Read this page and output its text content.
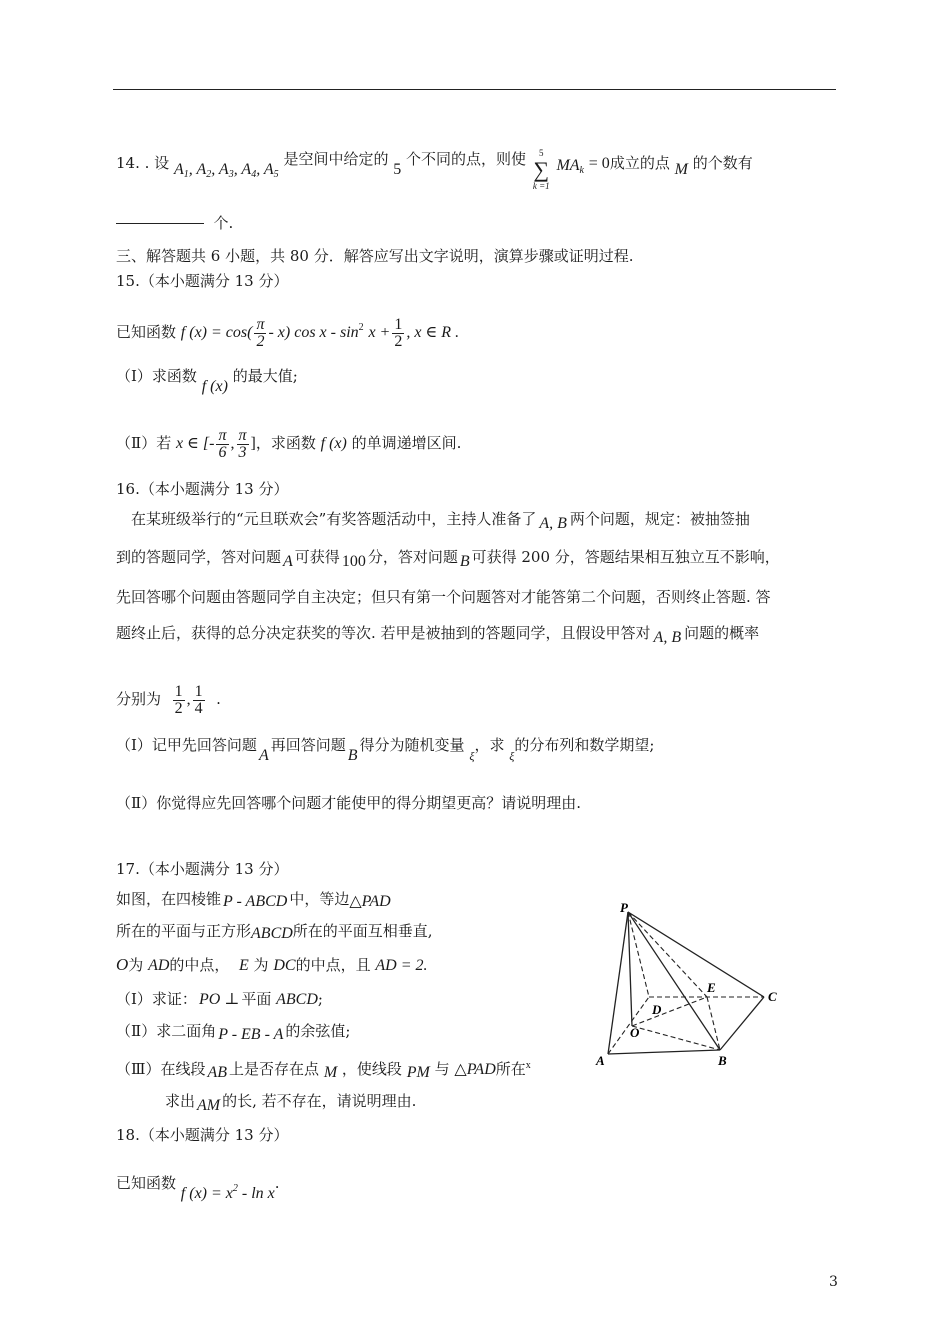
14. . 设 $A_1$, $A_2$, $A_3$, $A_4$, $A_5$ 是空间中给定的 5 个不同的点，则使 5
∑
k =1
$MA_k = 0$成立的点 M 的个数有
个.
三、解答题共 6 小题，共 80 分．解答应写出文字说明，演算步骤或证明过程.
15.（本小题满分 13 分）
已知函数 f $(x) = \cos( \frac{\pi}{2} - x)$ $\cos x - \sin^2 x + \frac{1}{2}$ , x ∈ R .
（Ⅰ）求函数 f (x) 的最大值;
（Ⅱ）若 x ∈ [- $\frac{\pi}{6}$ , $\frac{\pi}{3}$ ]，求函数 f (x) 的单调递增区间.
16.（本小题满分 13 分）
在某班级举行的“元旦联欢会”有奖答题活动中，主持人准备了 A, B 两个问题，规定：被抽签抽
到的答题同学，答对问题 A 可获得 100 分，答对问题 B 可获得 200 分，答题结果相互独立互不影响，
先回答哪个问题由答题同学自主决定；但只有第一个问题答对才能答第二个问题，否则终止答题. 答
题终止后，获得的总分决定获奖的等次. 若甲是被抽到的答题同学，且假设甲答对 A, B 问题的概率
分别为 $\frac{1}{2}$ , $\frac{1}{4}$ .
（Ⅰ）记甲先回答问题A再回答问题B得分为随机变量 $_\xi$，求 $_\xi$的分布列和数学期望;
（Ⅱ）你觉得应先回答哪个问题才能使甲的得分期望更高？请说明理由.
17.（本小题满分 13 分）
如图，在四棱锥 P - ABCD 中，等边△PAD
所在的平面与正方形ABCD所在的平面互相垂直,
O为 AD的中点， E 为 DC的中点，且 AD = 2.
（Ⅰ）求证： PO ⊥ 平面 ABCD;
（Ⅱ）求二面角 P - EB - A 的余弦值;
（Ⅲ）在线段 AB 上是否存在点 M ，使线段 PM 与 △PAD所在$^x$
求出 AM 的长, 若不存在，请说明理由.
P
A	B
C
D
E
O
18.（本小题满分 13 分）
已知函数 f $(x) = x^2 - \ln x$.
3
